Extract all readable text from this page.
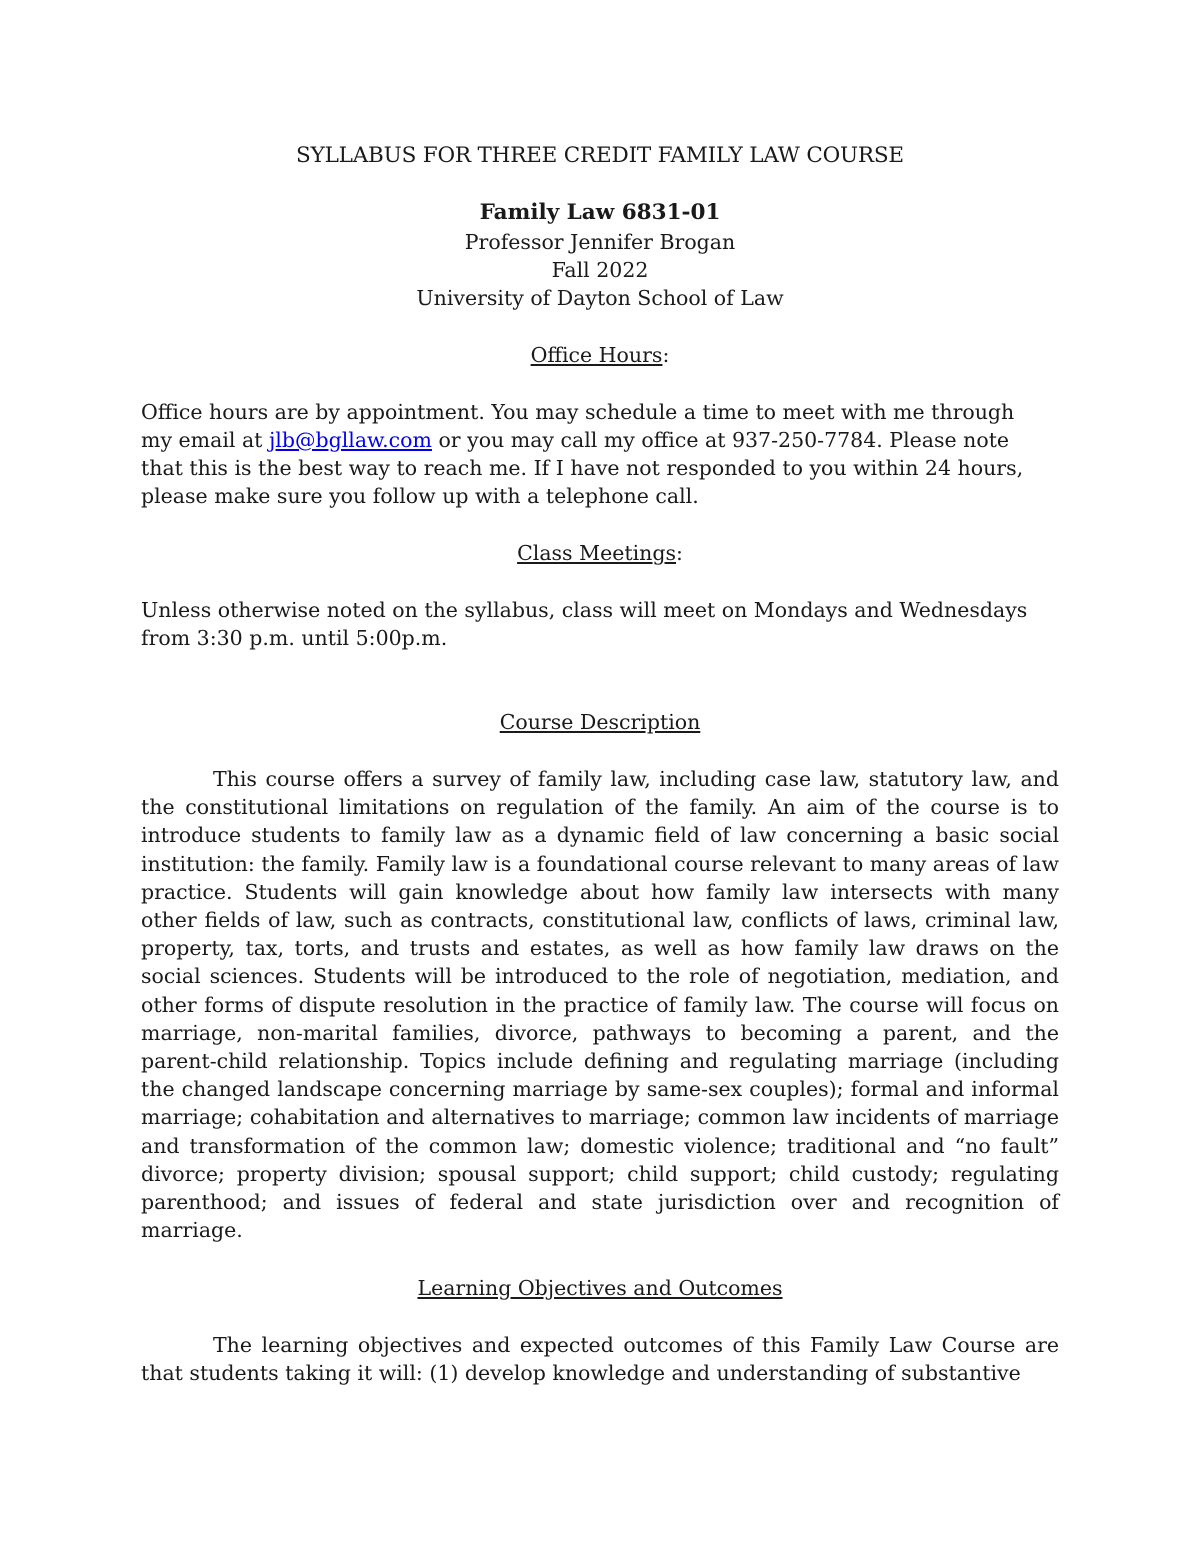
SYLLABUS FOR THREE CREDIT FAMILY LAW COURSE
Family Law 6831-01
Professor Jennifer Brogan
Fall 2022
University of Dayton School of Law
Office Hours:
Office hours are by appointment. You may schedule a time to meet with me through
my email at jlb@bgllaw.com or you may call my office at 937-250-7784. Please note
that this is the best way to reach me. If I have not responded to you within 24 hours,
please make sure you follow up with a telephone call.
Class Meetings:
Unless otherwise noted on the syllabus, class will meet on Mondays and Wednesdays
from 3:30 p.m. until 5:00p.m.
Course Description

This course offers a survey of family law, including case law, statutory law, and the constitutional limitations on regulation of the family. An aim of the course is to introduce students to family law as a dynamic field of law concerning a basic social institution: the family. Family law is a foundational course relevant to many areas of law practice. Students will gain knowledge about how family law intersects with many other fields of law, such as contracts, constitutional law, conflicts of laws, criminal law, property, tax, torts, and trusts and estates, as well as how family law draws on the social sciences. Students will be introduced to the role of negotiation, mediation, and other forms of dispute resolution in the practice of family law. The course will focus on marriage, non-marital families, divorce, pathways to becoming a parent, and the parent-child relationship. Topics include defining and regulating marriage (including the changed landscape concerning marriage by same-sex couples); formal and informal marriage; cohabitation and alternatives to marriage; common law incidents of marriage and transformation of the common law; domestic violence; traditional and “no fault” divorce; property division; spousal support; child support; child custody; regulating parenthood; and issues of federal and state jurisdiction over and recognition of marriage.

Learning Objectives and Outcomes

The learning objectives and expected outcomes of this Family Law Course are that students taking it will: (1) develop knowledge and understanding of substantive
